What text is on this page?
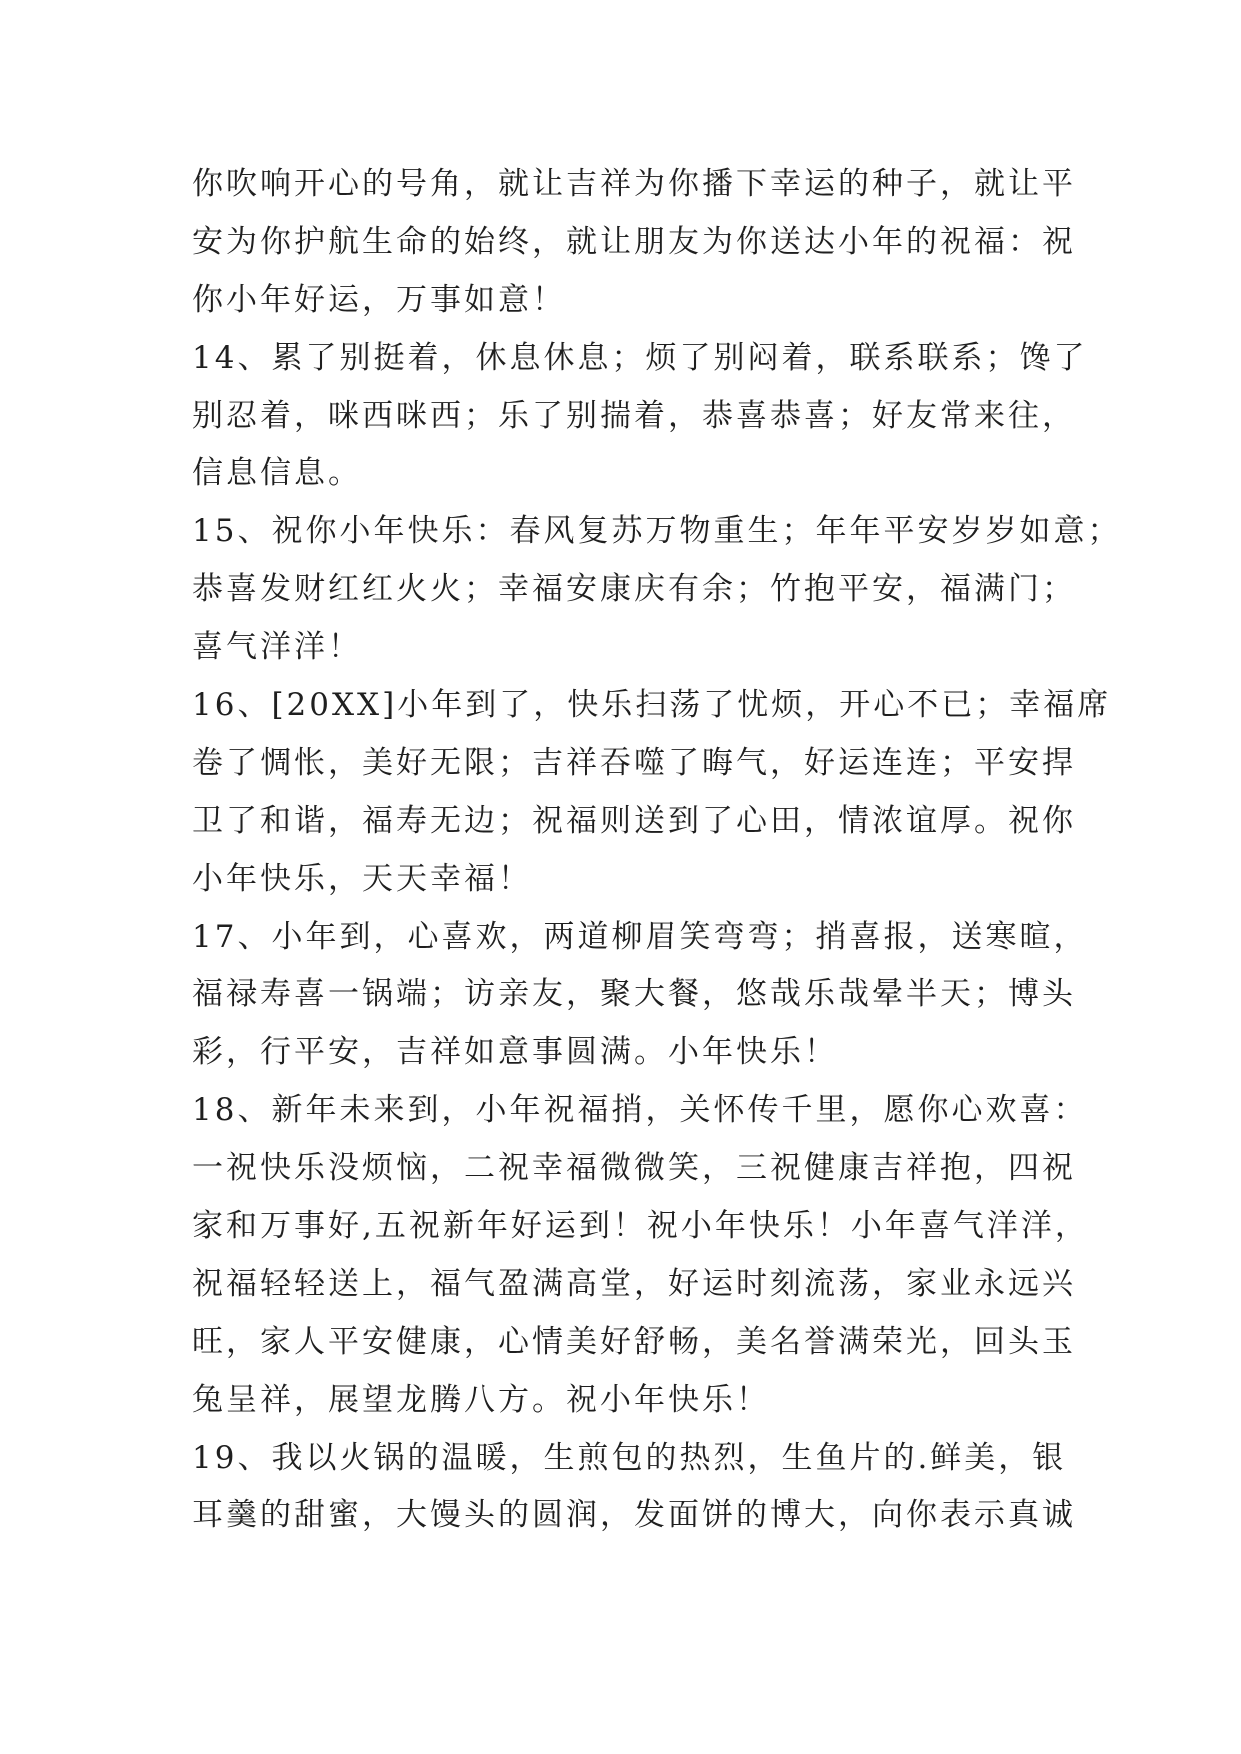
你吹响开心的号角，就让吉祥为你播下幸运的种子，就让平
安为你护航生命的始终，就让朋友为你送达小年的祝福：祝
你小年好运，万事如意！
14、累了别挺着，休息休息；烦了别闷着，联系联系；馋了
别忍着，咪西咪西；乐了别揣着，恭喜恭喜；好友常来往，
信息信息。
15、祝你小年快乐：春风复苏万物重生；年年平安岁岁如意；
恭喜发财红红火火；幸福安康庆有余；竹抱平安，福满门；
喜气洋洋！
16、[20XX]小年到了，快乐扫荡了忧烦，开心不已；幸福席
卷了惆怅，美好无限；吉祥吞噬了晦气，好运连连；平安捍
卫了和谐，福寿无边；祝福则送到了心田，情浓谊厚。祝你
小年快乐，天天幸福！
17、小年到，心喜欢，两道柳眉笑弯弯；捎喜报，送寒暄，
福禄寿喜一锅端；访亲友，聚大餐，悠哉乐哉晕半天；博头
彩，行平安，吉祥如意事圆满。小年快乐！
18、新年未来到，小年祝福捎，关怀传千里，愿你心欢喜：
一祝快乐没烦恼，二祝幸福微微笑，三祝健康吉祥抱，四祝
家和万事好,五祝新年好运到！祝小年快乐！小年喜气洋洋，
祝福轻轻送上，福气盈满高堂，好运时刻流荡，家业永远兴
旺，家人平安健康，心情美好舒畅，美名誉满荣光，回头玉
兔呈祥，展望龙腾八方。祝小年快乐！
19、我以火锅的温暖，生煎包的热烈，生鱼片的.鲜美，银
耳羹的甜蜜，大馒头的圆润，发面饼的博大，向你表示真诚
